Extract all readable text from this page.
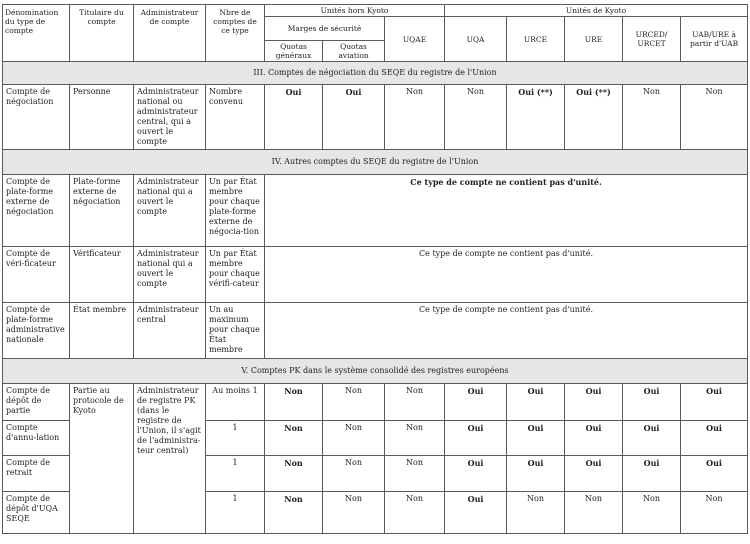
Dénomination du type de compte	Titulaire du compte	Administrateur de compte	Nbre de comptes de ce type	Unités hors Kyoto			Unités de Kyoto				
				Marges de sécurité		UQAE	UQA	URCE	URE	URCED/ URCET	UAB/URE à partir d'UAB
				Quotas généraux	Quotas aviation						
III. Comptes de négociation du SEQE du registre de l'Union											
Compte de négociation	Personne	Administrateur national ou administrateur central, qui a ouvert le compte	Nombre convenu	Oui	Oui	Non	Non	Oui (**)	Oui (**)	Non	Non
IV. Autres comptes du SEQE du registre de l'Union											
Compte de plate-forme externe de négociation	Plate-forme externe de négociation	Administrateur national qui a ouvert le compte	Un par État membre pour chaque plate-forme externe de négocia-tion	Ce type de compte ne contient pas d'unité.							
Compte de véri-ficateur	Vérificateur	Administrateur national qui a ouvert le compte	Un par État membre pour chaque vérifi-cateur	Ce type de compte ne contient pas d'unité.							
Compte de plate-forme administrative nationale	État membre	Administrateur central	Un au maximum pour chaque État membre	Ce type de compte ne contient pas d'unité.							
V. Comptes PK dans le système consolidé des registres européens											
Compte de dépôt de partie	Partie au protocole de Kyoto	Administrateur de registre PK (dans le registre de l'Union, il s'agit de l'administra-teur central)	Au moins 1	Non	Non	Non	Oui	Oui	Oui	Oui	Oui
Compte d'annu-lation			1	Non	Non	Non	Oui	Oui	Oui	Oui	Oui
Compte de retrait			1	Non	Non	Non	Oui	Oui	Oui	Oui	Oui
Compte de dépôt d'UQA SEQE			1	Non	Non	Non	Oui	Non	Non	Non	Non
